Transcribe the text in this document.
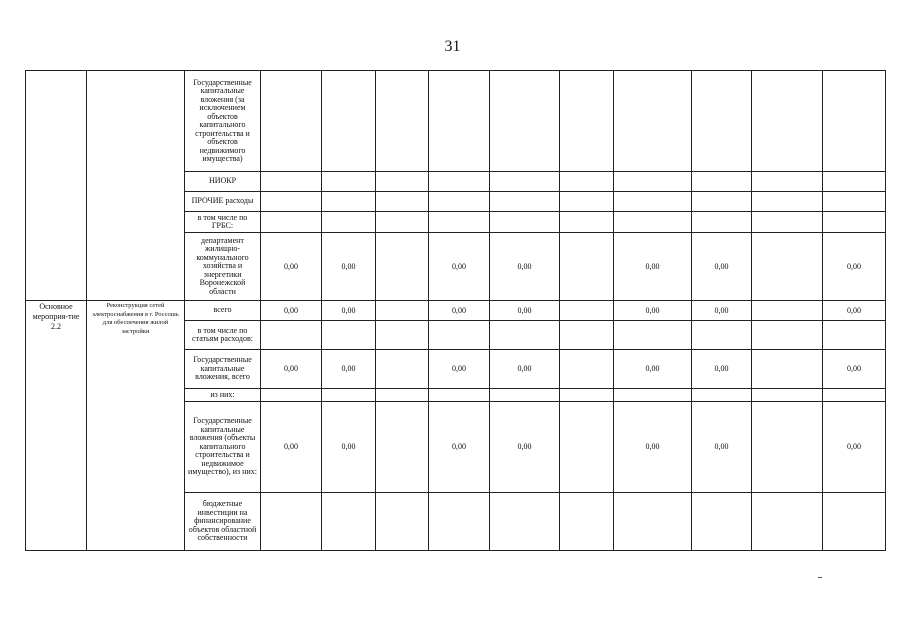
31
		Государственные капитальные вложения (за исключением объектов капитального строительства и объектов недвижимого имущества)										
		НИОКР										
		ПРОЧИЕ расходы										
		в том числе по ГРБС:										
		департамент жилищно-коммунального хозяйства и энергетики Воронежской области	0,00	0,00		0,00	0,00		0,00	0,00		0,00
Основное мероприя-тие 2.2	Реконструкция сетей электроснабжения в г. Россошь для обеспечения жилой застройки	всего	0,00	0,00		0,00	0,00		0,00	0,00		0,00
		в том числе по статьям расходов:										
		Государственные капитальные вложения, всего	0,00	0,00		0,00	0,00		0,00	0,00		0,00
		из них:										
		Государственные капитальные вложения (объекты капитального строительства и недвижимое имущество), из них:	0,00	0,00		0,00	0,00		0,00	0,00		0,00
		бюджетные инвестиции на финансирование объектов областной собственности										
